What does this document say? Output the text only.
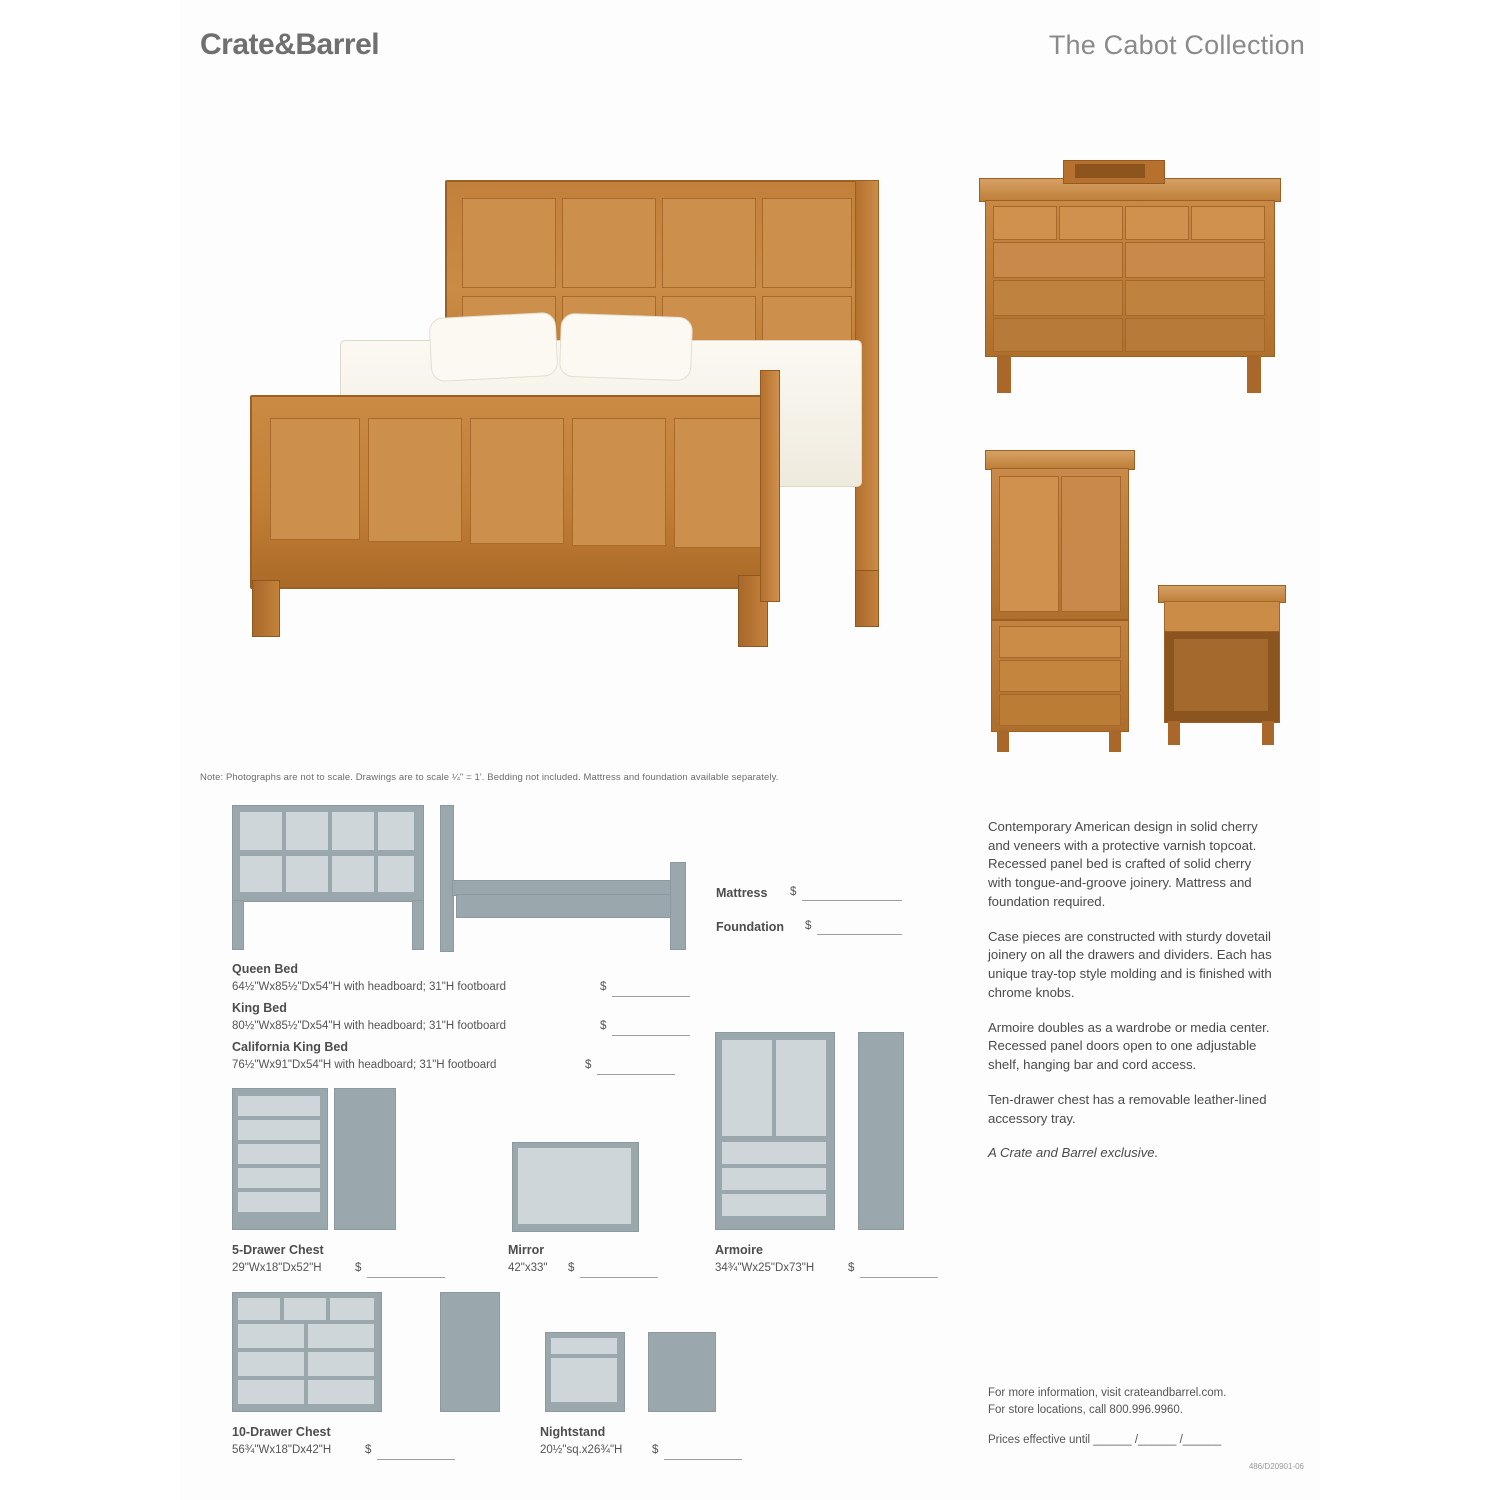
Crate&Barrel	The Cabot Collection
Note: Photographs are not to scale. Drawings are to scale ¼" = 1'. Bedding not included. Mattress and foundation available separately.
Mattress $
Foundation $
Queen Bed
64½"Wx85½"Dx54"H with headboard; 31"H footboard	$
King Bed
80½"Wx85½"Dx54"H with headboard; 31"H footboard	$
California King Bed
76½"Wx91"Dx54"H with headboard; 31"H footboard	$
5-Drawer Chest
29"Wx18"Dx52"H	$
Mirror
42"x33" $
Armoire
34¾"Wx25"Dx73"H	$
10-Drawer Chest
56¾"Wx18"Dx42"H	$
Nightstand
20½"sq.x26¾"H	$

Contemporary American design in solid cherry and veneers with a protective varnish topcoat. Recessed panel bed is crafted of solid cherry with tongue-and-groove joinery. Mattress and foundation required.

Case pieces are constructed with sturdy dovetail joinery on all the drawers and dividers. Each has unique tray-top style molding and is finished with chrome knobs.

Armoire doubles as a wardrobe or media center. Recessed panel doors open to one adjustable shelf, hanging bar and cord access.

Ten-drawer chest has a removable leather-lined accessory tray.

A Crate and Barrel exclusive.

For more information, visit crateandbarrel.com.
For store locations, call 800.996.9960.
Prices effective until ______ /______ /______
486/D20901-06
